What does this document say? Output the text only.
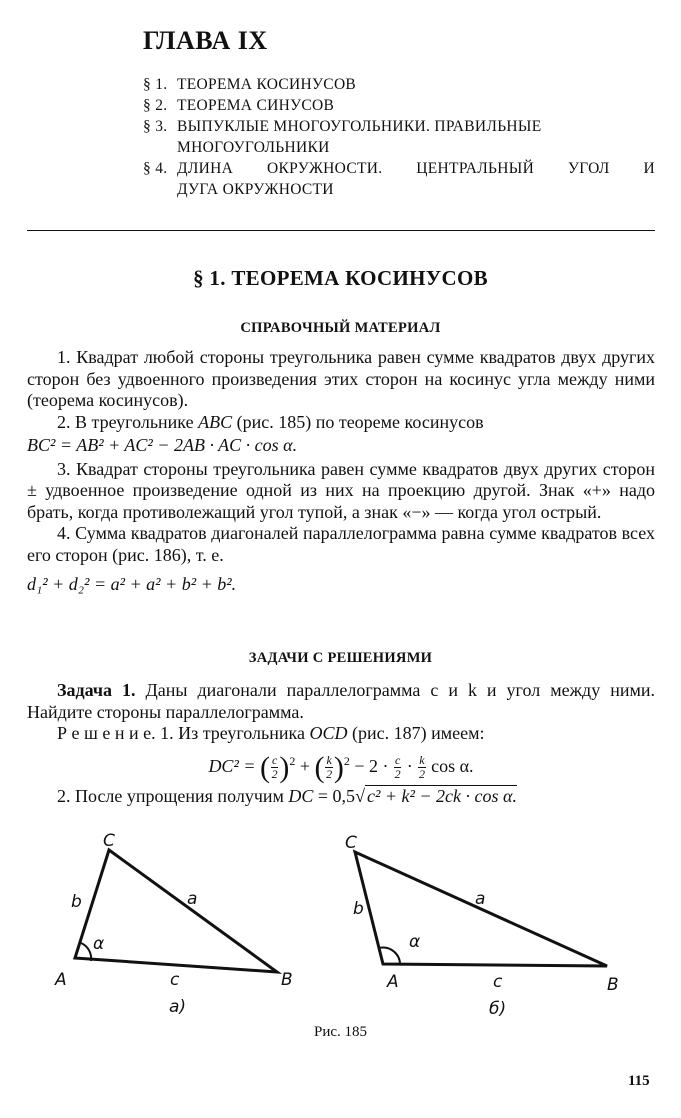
ГЛАВА IX
§ 1. ТЕОРЕМА КОСИНУСОВ
§ 2. ТЕОРЕМА СИНУСОВ
§ 3. ВЫПУКЛЫЕ МНОГОУГОЛЬНИКИ. ПРАВИЛЬНЫЕ
МНОГОУГОЛЬНИКИ
§ 4. ДЛИНА ОКРУЖНОСТИ. ЦЕНТРАЛЬНЫЙ УГОЛ И
ДУГА ОКРУЖНОСТИ
§ 1. ТЕОРЕМА КОСИНУСОВ
СПРАВОЧНЫЙ МАТЕРИАЛ

1. Квадрат любой стороны треугольника равен сумме квадратов двух других сторон без удвоенного произведения этих сторон на косинус угла между ними (теорема косинусов).

2. В треугольнике ABC (рис. 185) по теореме косинусов

BC² = AB² + AC² − 2AB · AC · cos α.

3. Квадрат стороны треугольника равен сумме квадратов двух других сторон ± удвоенное произведение одной из них на проекцию другой. Знак «+» надо брать, когда противолежащий угол тупой, а знак «−» — когда угол острый.

4. Сумма квадратов диагоналей параллелограмма равна сумме квадратов всех его сторон (рис. 186), т. е.

d₁² + d₂² = a² + a² + b² + b².

ЗАДАЧИ С РЕШЕНИЯМИ

Задача 1. Даны диагонали параллелограмма c и k и угол между ними. Найдите стороны параллелограмма.

Р е ш е н и е. 1. Из треугольника OCD (рис. 187) имеем:

DC² = ( $\frac{c}{2} )^2$ + ( $\frac{k}{2} )^2 - 2 \cdot \frac{c}{2} \cdot \frac{k}{2}$ cos α.

2. После упрощения получим DC = 0,5√ c² + k² − 2ck · cos α.

C
b	a
α
A	c	B
а)
C
b	a
α
A	c	B
б)
Рис. 185
115
